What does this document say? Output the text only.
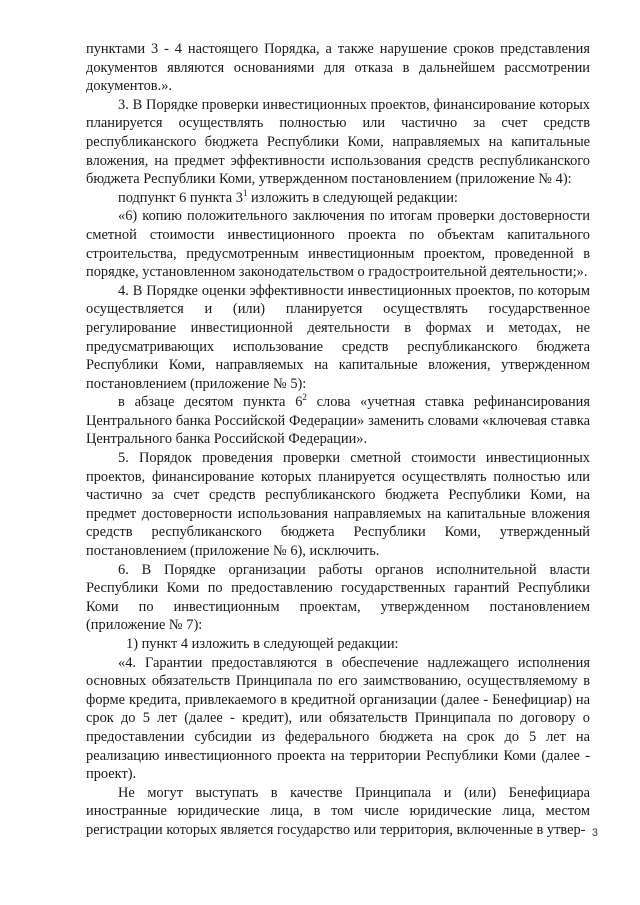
пунктами 3 - 4 настоящего Порядка, а также нарушение сроков представления документов являются основаниями для отказа в дальнейшем рассмотрении документов.».

3. В Порядке проверки инвестиционных проектов, финансирование которых планируется осуществлять полностью или частично за счет средств республиканского бюджета Республики Коми, направляемых на капитальные вложения, на предмет эффективности использования средств республиканского бюджета Республики Коми, утвержденном постановлением (приложение № 4):

подпункт 6 пункта $3^1$ изложить в следующей редакции:

«6) копию положительного заключения по итогам проверки достоверности сметной стоимости инвестиционного проекта по объектам капитального строительства, предусмотренным инвестиционным проектом, проведенной в порядке, установленном законодательством о градостроительной деятельности;».

4. В Порядке оценки эффективности инвестиционных проектов, по которым осуществляется и (или) планируется осуществлять государственное регулирование инвестиционной деятельности в формах и методах, не предусматривающих использование средств республиканского бюджета Республики Коми, направляемых на капитальные вложения, утвержденном постановлением (приложение № 5):

в абзаце десятом пункта $6^2$ слова «учетная ставка рефинансирования Центрального банка Российской Федерации» заменить словами «ключевая ставка Центрального банка Российской Федерации».

5. Порядок проведения проверки сметной стоимости инвестиционных проектов, финансирование которых планируется осуществлять полностью или частично за счет средств республиканского бюджета Республики Коми, на предмет достоверности использования направляемых на капитальные вложения средств республиканского бюджета Республики Коми, утвержденный постановлением (приложение № 6), исключить.

6. В Порядке организации работы органов исполнительной власти Республики Коми по предоставлению государственных гарантий Республики Коми по инвестиционным проектам, утвержденном постановлением (приложение № 7):

1) пункт 4 изложить в следующей редакции:

«4. Гарантии предоставляются в обеспечение надлежащего исполнения основных обязательств Принципала по его заимствованию, осуществляемому в форме кредита, привлекаемого в кредитной организации (далее - Бенефициар) на срок до 5 лет (далее - кредит), или обязательств Принципала по договору о предоставлении субсидии из федерального бюджета на срок до 5 лет на реализацию инвестиционного проекта на территории Республики Коми (далее - проект).

Не могут выступать в качестве Принципала и (или) Бенефициара иностранные юридические лица, в том числе юридические лица, местом регистрации которых является государство или территория, включенные в утвер- 3
